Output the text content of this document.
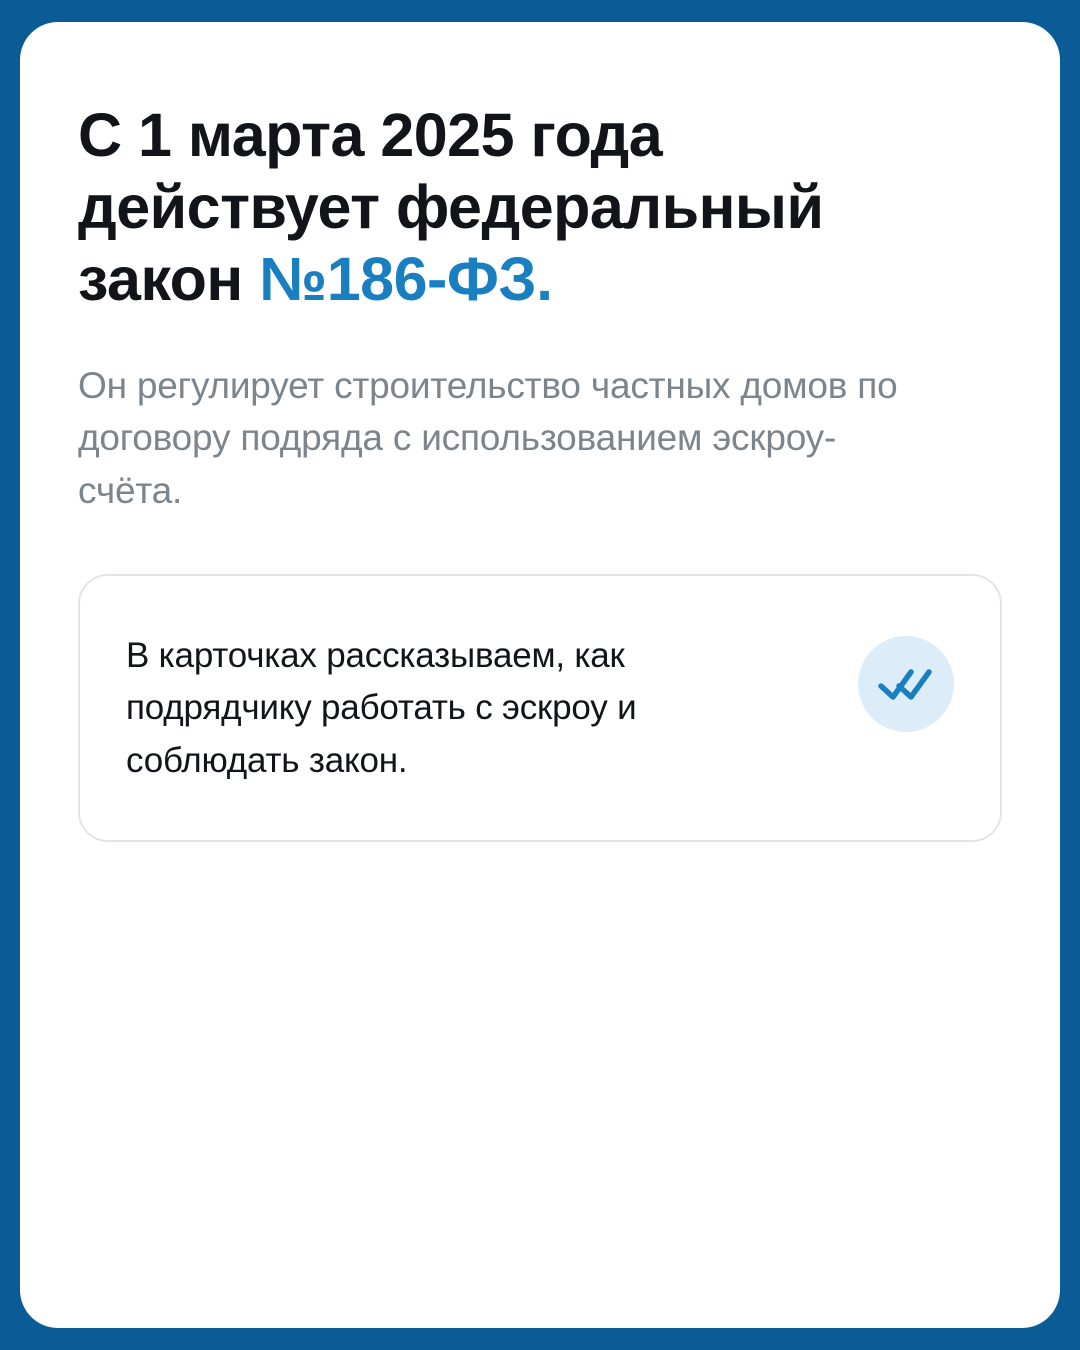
С 1 марта 2025 года действует федеральный закон №186-ФЗ.

Он регулирует строительство частных домов по договору подряда с использованием эскроу-счёта.

В карточках рассказываем, как подрядчику работать с эскроу и соблюдать закон.
